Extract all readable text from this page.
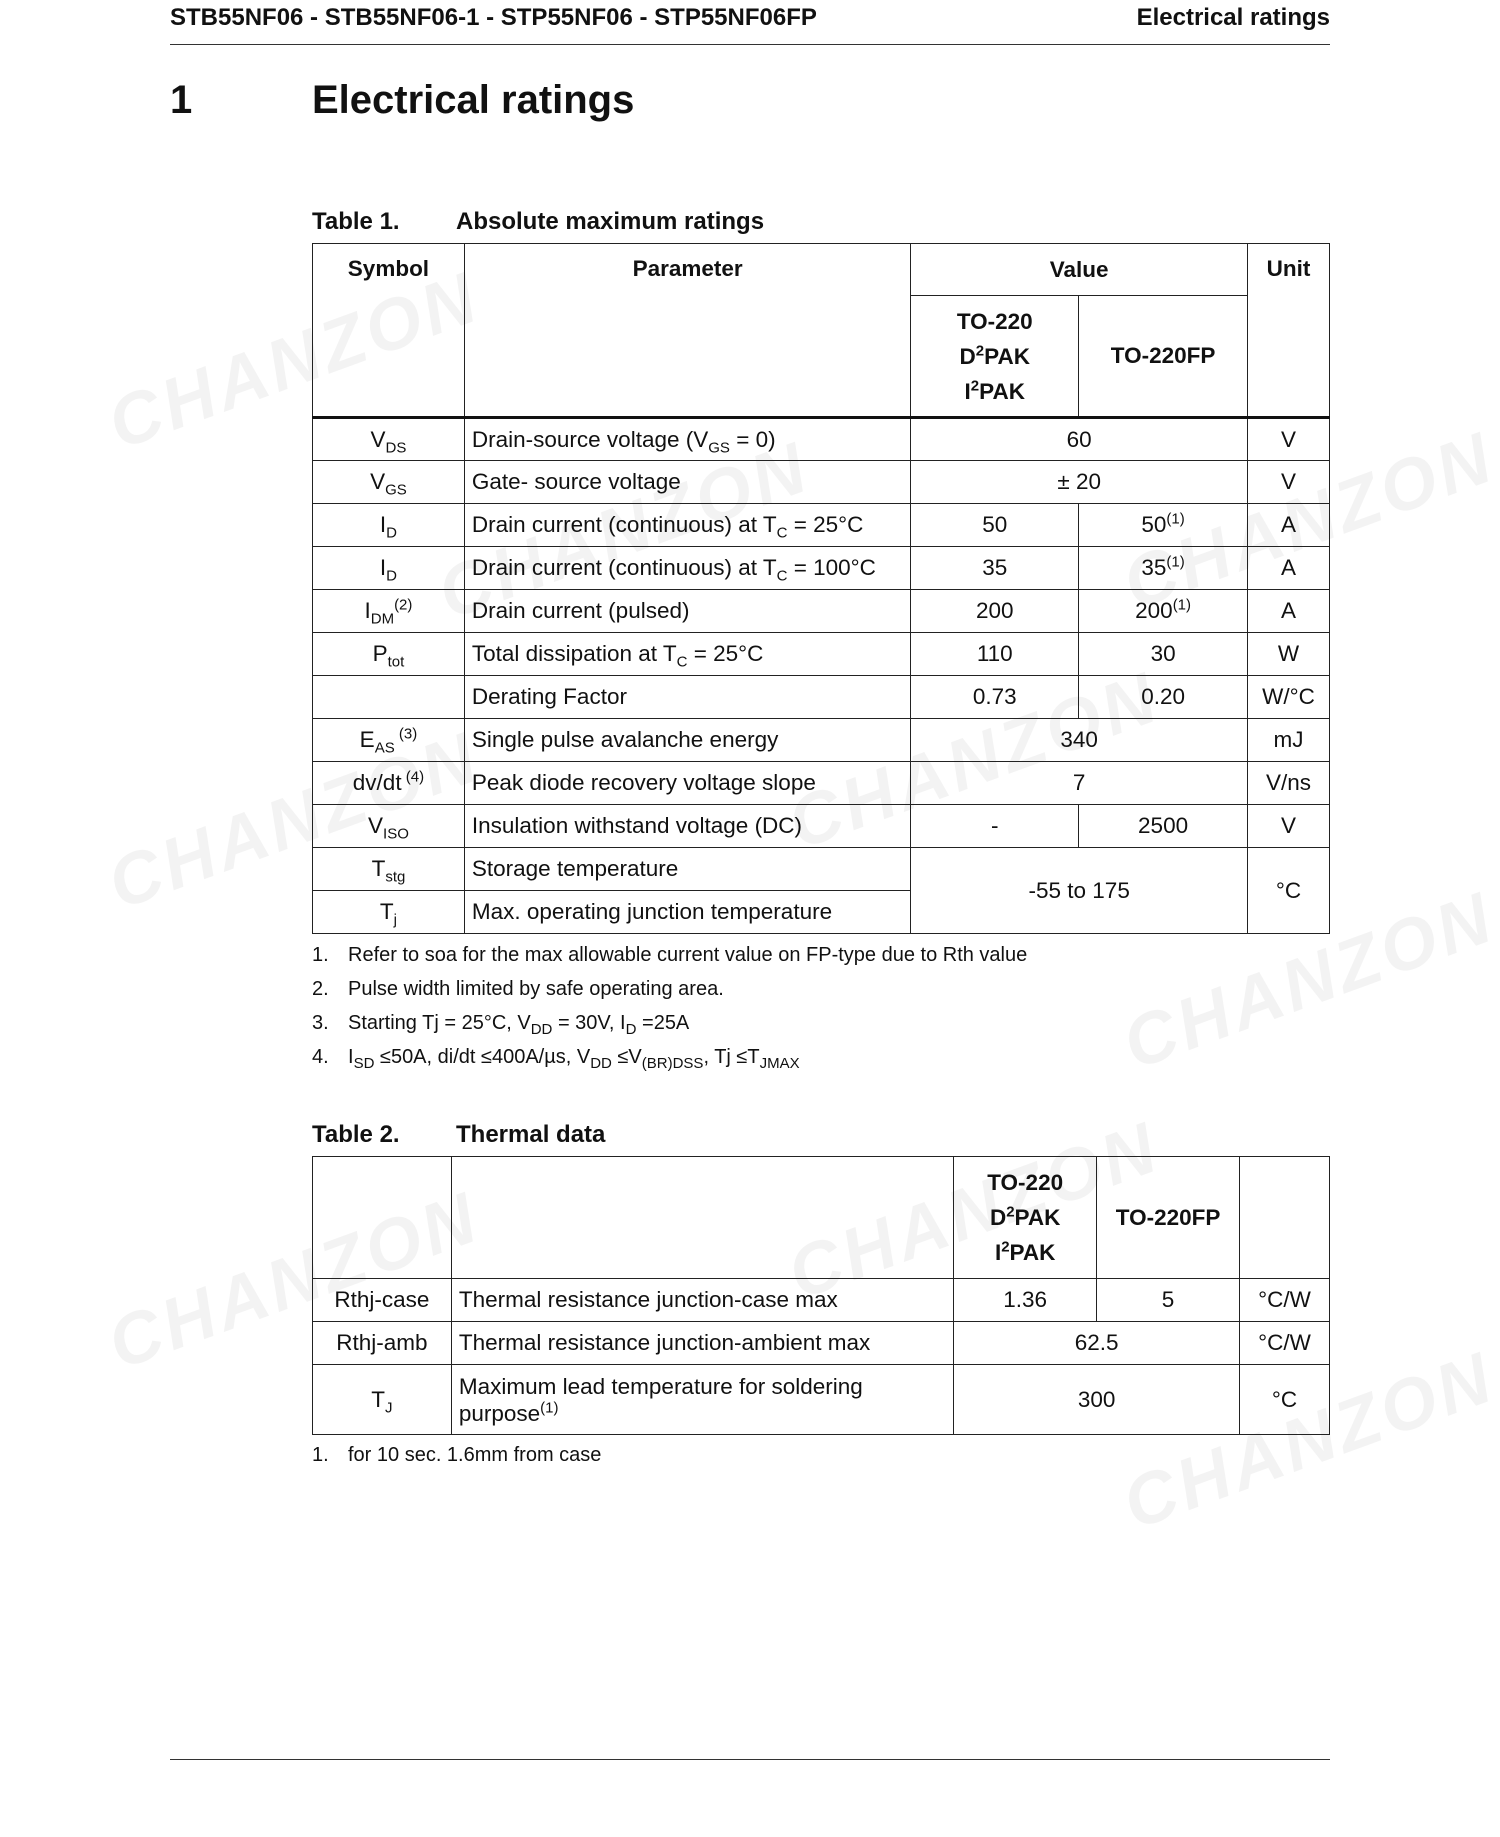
STB55NF06 - STB55NF06-1 - STP55NF06 - STP55NF06FP	Electrical ratings
1	Electrical ratings
Table 1. Absolute maximum ratings
Symbol	Parameter	Value		Unit
		TO-220
$D^2PAK$
$I^2PAK$	TO-220FP	
$V_{DS}$	Drain-source voltage $(V_{GS} = 0)$	60		V
$V_{GS}$	Gate- source voltage	± 20		V
$I_D$	Drain current (continuous) at $T_C = 25^\circ C$	50	50$^{(1)}$	A
$I_D$	Drain current (continuous) at $T_C = 100^\circ C$	35	35$^{(1)}$	A
$I_{DM}^{(2)}$	Drain current (pulsed)	200	200$^{(1)}$	A
$P_{tot}$	Total dissipation at $T_C = 25^\circ C$	110	30	W
	Derating Factor	0.73	0.20	W/°C
$E_{AS}$ $^{(3)}$	Single pulse avalanche energy	340		mJ
dv/dt $^{(4)}$	Peak diode recovery voltage slope	7		V/ns
$V_{ISO}$	Insulation withstand voltage (DC)	-	2500	V
$T_{stg}$	Storage temperature	-55 to 175		°C
$T_j$	Max. operating junction temperature			
1. Refer to soa for the max allowable current value on FP-type due to Rth value
2. Pulse width limited by safe operating area.
3. Starting Tj = 25°C, $V_{DD} = 30V$, $I_D =25A$
4. $I_{SD} \le 50A$, di/dt ≤400A/µs, $V_{DD} \le V_{(BR)DSS}$, $Tj \le T_{JMAX}$
Table 2. Thermal data
		TO-220
$D^2PAK$
$I^2PAK$	TO-220FP	
Rthj-case	Thermal resistance junction-case max	1.36	5	°C/W
Rthj-amb	Thermal resistance junction-ambient max	62.5		°C/W
$T_J$	Maximum lead temperature for soldering
purpose$^{(1)}$	300		°C
1. for 10 sec. 1.6mm from case
